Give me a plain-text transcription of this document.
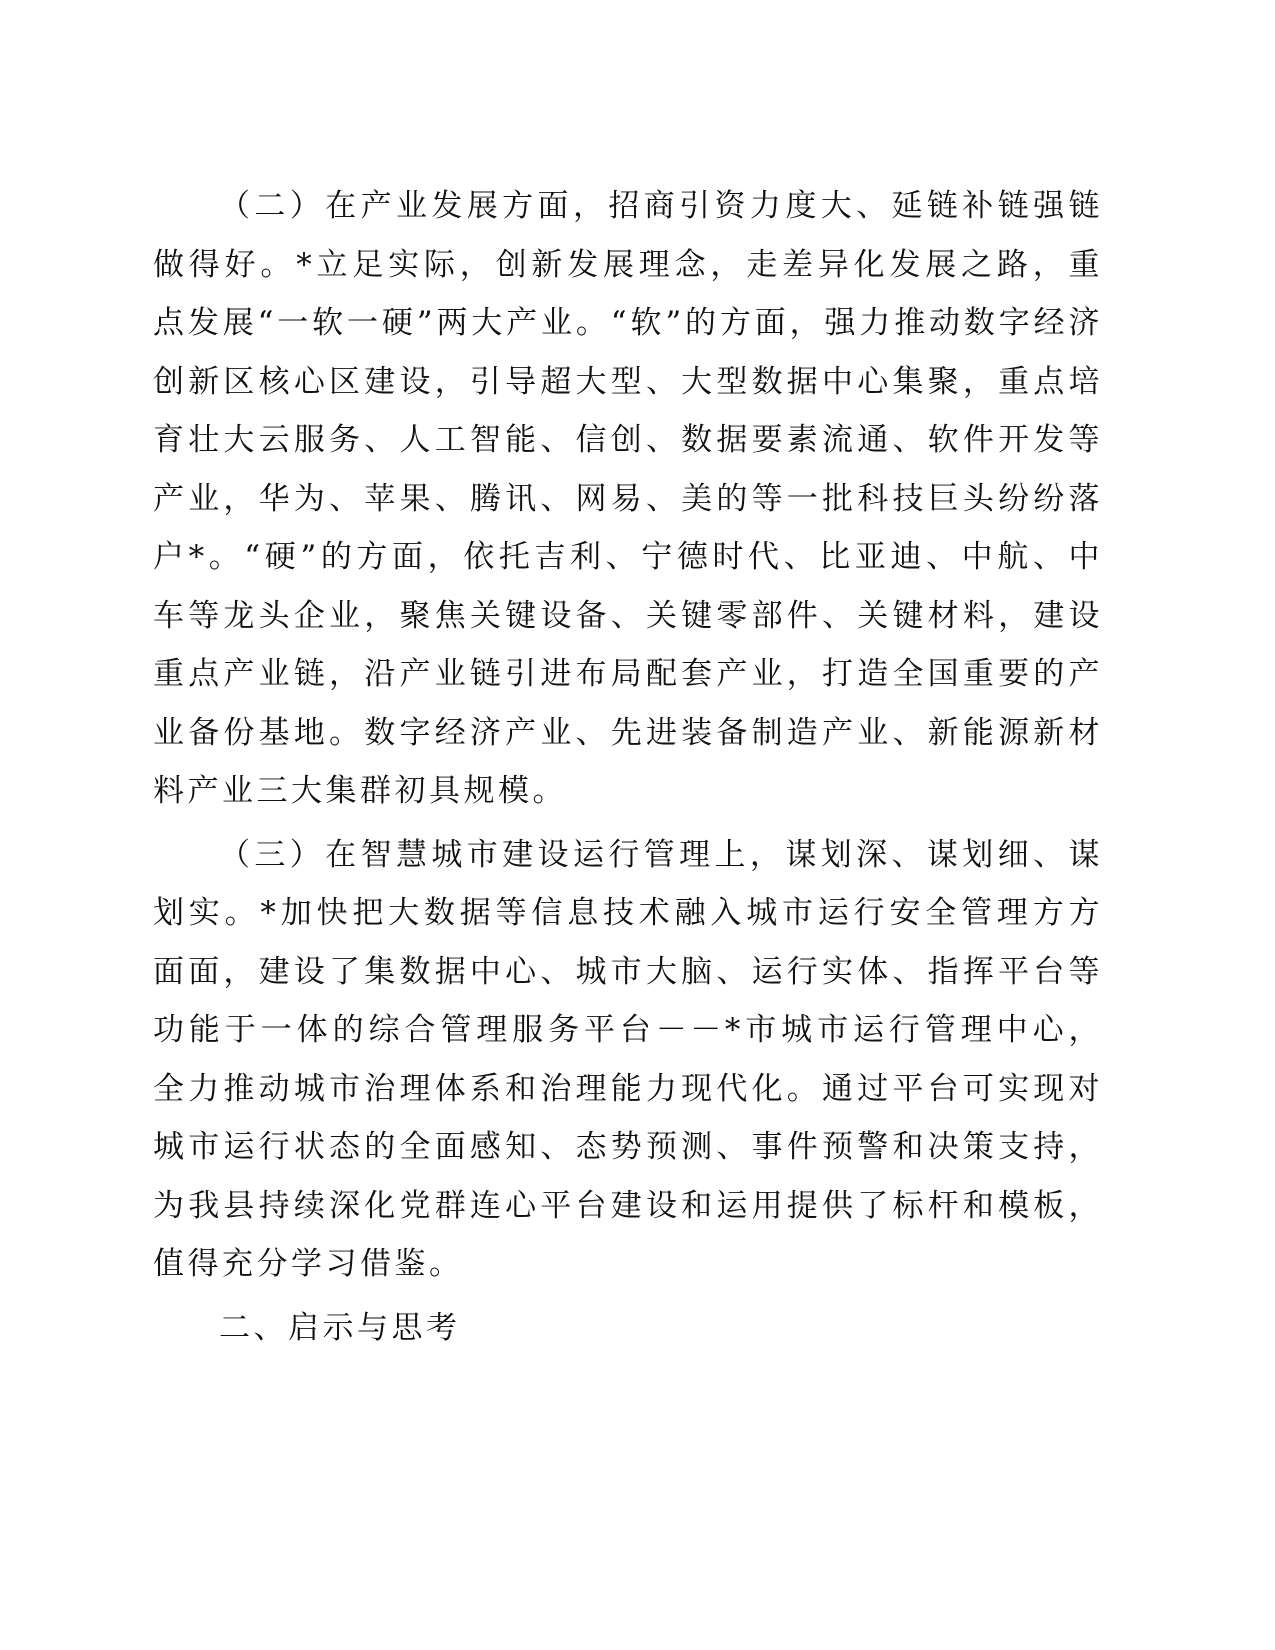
（二）在产业发展方面，招商引资力度大、延链补链强链做得好。*立足实际，创新发展理念，走差异化发展之路，重点发展“一软一硬”两大产业。“软”的方面，强力推动数字经济创新区核心区建设，引导超大型、大型数据中心集聚，重点培育壮大云服务、人工智能、信创、数据要素流通、软件开发等产业，华为、苹果、腾讯、网易、美的等一批科技巨头纷纷落户*。“硬”的方面，依托吉利、宁德时代、比亚迪、中航、中车等龙头企业，聚焦关键设备、关键零部件、关键材料，建设重点产业链，沿产业链引进布局配套产业，打造全国重要的产业备份基地。数字经济产业、先进装备制造产业、新能源新材料产业三大集群初具规模。

（三）在智慧城市建设运行管理上，谋划深、谋划细、谋划实。*加快把大数据等信息技术融入城市运行安全管理方方面面，建设了集数据中心、城市大脑、运行实体、指挥平台等功能于一体的综合管理服务平台－－*市城市运行管理中心，全力推动城市治理体系和治理能力现代化。通过平台可实现对城市运行状态的全面感知、态势预测、事件预警和决策支持，为我县持续深化党群连心平台建设和运用提供了标杆和模板，值得充分学习借鉴。

二、启示与思考
